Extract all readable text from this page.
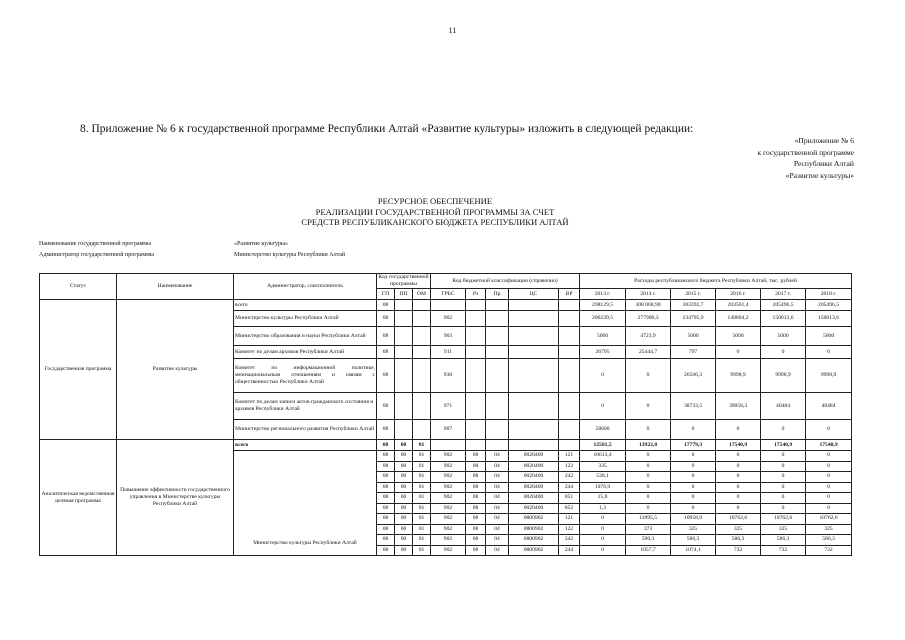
11
8. Приложение № 6 к государственной программе Республики Алтай «Развитие культуры» изложить в следующей редакции:
«Приложение № 6
к государственной программе
Республики Алтай
«Развитие культуры»
РЕСУРСНОЕ ОБЕСПЕЧЕНИЕ
РЕАЛИЗАЦИИ ГОСУДАРСТВЕННОЙ ПРОГРАММЫ ЗА СЧЕТ
СРЕДСТВ РЕСПУБЛИКАНСКОГО БЮДЖЕТА РЕСПУБЛИКИ АЛТАЙ
Наименование государственной программы	«Развитие культуры»
Администратор государственной программы	Министерство культуры Республики Алтай
Статус	Наименование	Администратор, соисполнитель	Код государственной программы			Код бюджетной классификации (справочно)					Расходы республиканского бюджета Республики Алтай, тыс. рублей					
			ГП	ПП	ОМ	ГРБС	Рз	Пр	ЦС	ВР	2013 г.	2014 г.	2015 г.	2016 г.	2017 г.	2018 г.
Государственная программа	Развитие культуры	всего	08								298129,5	308 068,90	303392,7	203561,4	205496,5	205496,5
		Министерство культуры Республики Алтай	08			902					206239,5	277900,3	234795,9	149804,2	150013,6	150013,6
		Министерство образования и науки Республики Алтай	08			903					5000	4723,9	5000	5000	5000	5000
		Комитет по делам архивов Республики Алтай	08			911					26795	25444,7	797	0	0	0
		Комитет по информационной политике, межнациональным отношениям и связям с общественностью Республики Алтай	08			930					0	0	26566,3	9998,9	9998,9	9998,9
		Комитет по делам записи актов гражданского состояния и архивов Республики Алтай	08			971					0	0	38733,5	39058,3	40484	40484
		Министерство регионального развития Республики Алтай	08			907					58600	0	0	0	0	0
Аналитическая ведомственная целевая программа	Повышение эффективности государственного управления в Министерстве культуры Республики Алтай	всего	08	00	01						12581,5	13922,8	17779,3	17540,9	17540,9	17540,9
		Министерство культуры Республики Алтай	08	00	01	902	08	04	0020400	121	10613,4	0	0	0	0	0
			08	00	01	902	08	04	0020400	122	335	0	0	0	0	0
			08	00	01	902	08	04	0020400	242	538,1	0	0	0	0	0
			08	00	01	902	08	04	0020400	244	1076,9	0	0	0	0	0
			08	00	01	902	08	04	0020400	851	15,8	0	0	0	0	0
			08	00	01	902	08	04	0020400	852	1,3	0	0	0	0	0
			08	00	01	902	08	04	0800902	121	0	11895,5	10958,9	10762,6	10762,6	10762,6
			08	00	01	902	08	04	0800902	122	0	373	325	325	325	325
			08	00	01	902	08	04	0800902	242	0	590,3	586,3	586,3	586,3	586,3
			08	00	01	902	08	04	0800902	244	0	1057,7	1074,1	732	732	732
